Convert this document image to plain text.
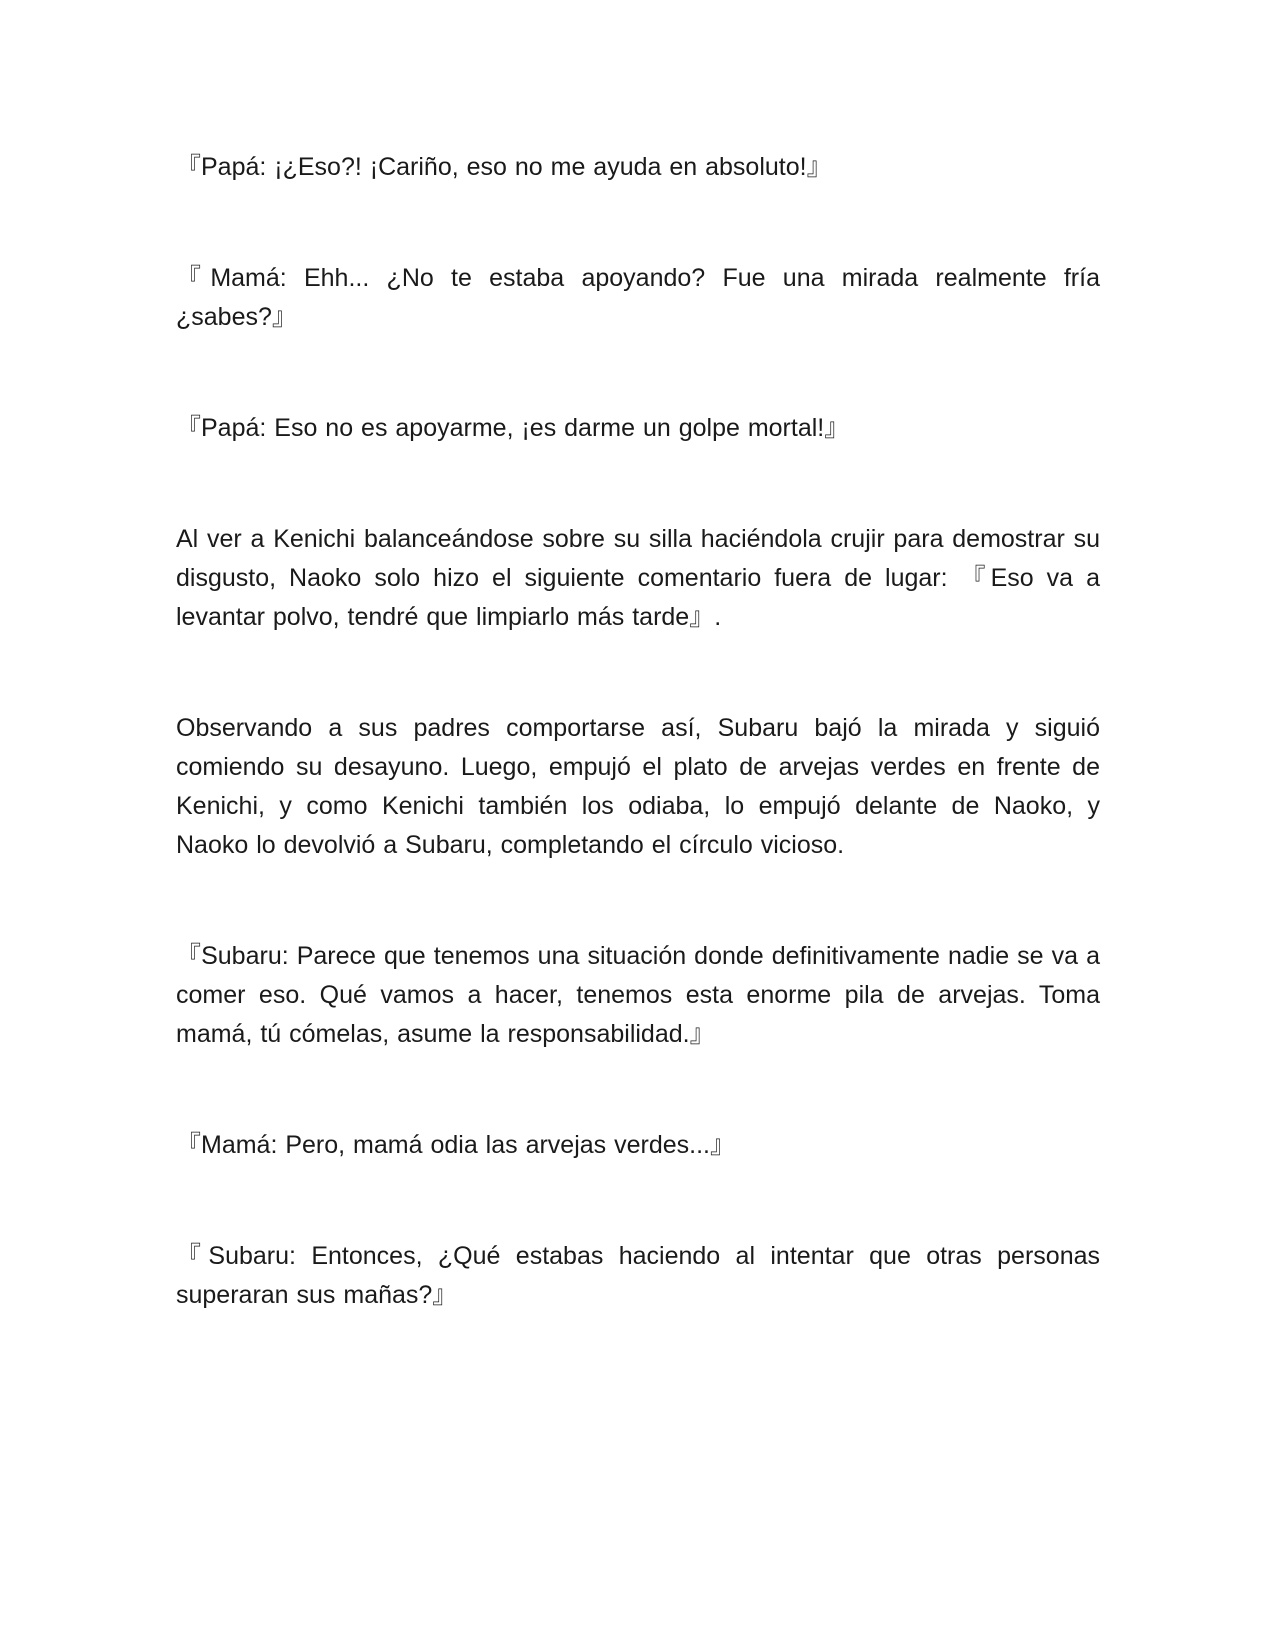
『Papá: ¡¿Eso?! ¡Cariño, eso no me ayuda en absoluto!』

『Mamá: Ehh... ¿No te estaba apoyando? Fue una mirada realmente fría ¿sabes?』

『Papá: Eso no es apoyarme, ¡es darme un golpe mortal!』

Al ver a Kenichi balanceándose sobre su silla haciéndola crujir para demostrar su disgusto, Naoko solo hizo el siguiente comentario fuera de lugar: 『Eso va a levantar polvo, tendré que limpiarlo más tarde』.

Observando a sus padres comportarse así, Subaru bajó la mirada y siguió comiendo su desayuno. Luego, empujó el plato de arvejas verdes en frente de Kenichi, y como Kenichi también los odiaba, lo empujó delante de Naoko, y Naoko lo devolvió a Subaru, completando el círculo vicioso.

『Subaru: Parece que tenemos una situación donde definitivamente nadie se va a comer eso. Qué vamos a hacer, tenemos esta enorme pila de arvejas. Toma mamá, tú cómelas, asume la responsabilidad.』

『Mamá: Pero, mamá odia las arvejas verdes...』

『Subaru: Entonces, ¿Qué estabas haciendo al intentar que otras personas superaran sus mañas?』
